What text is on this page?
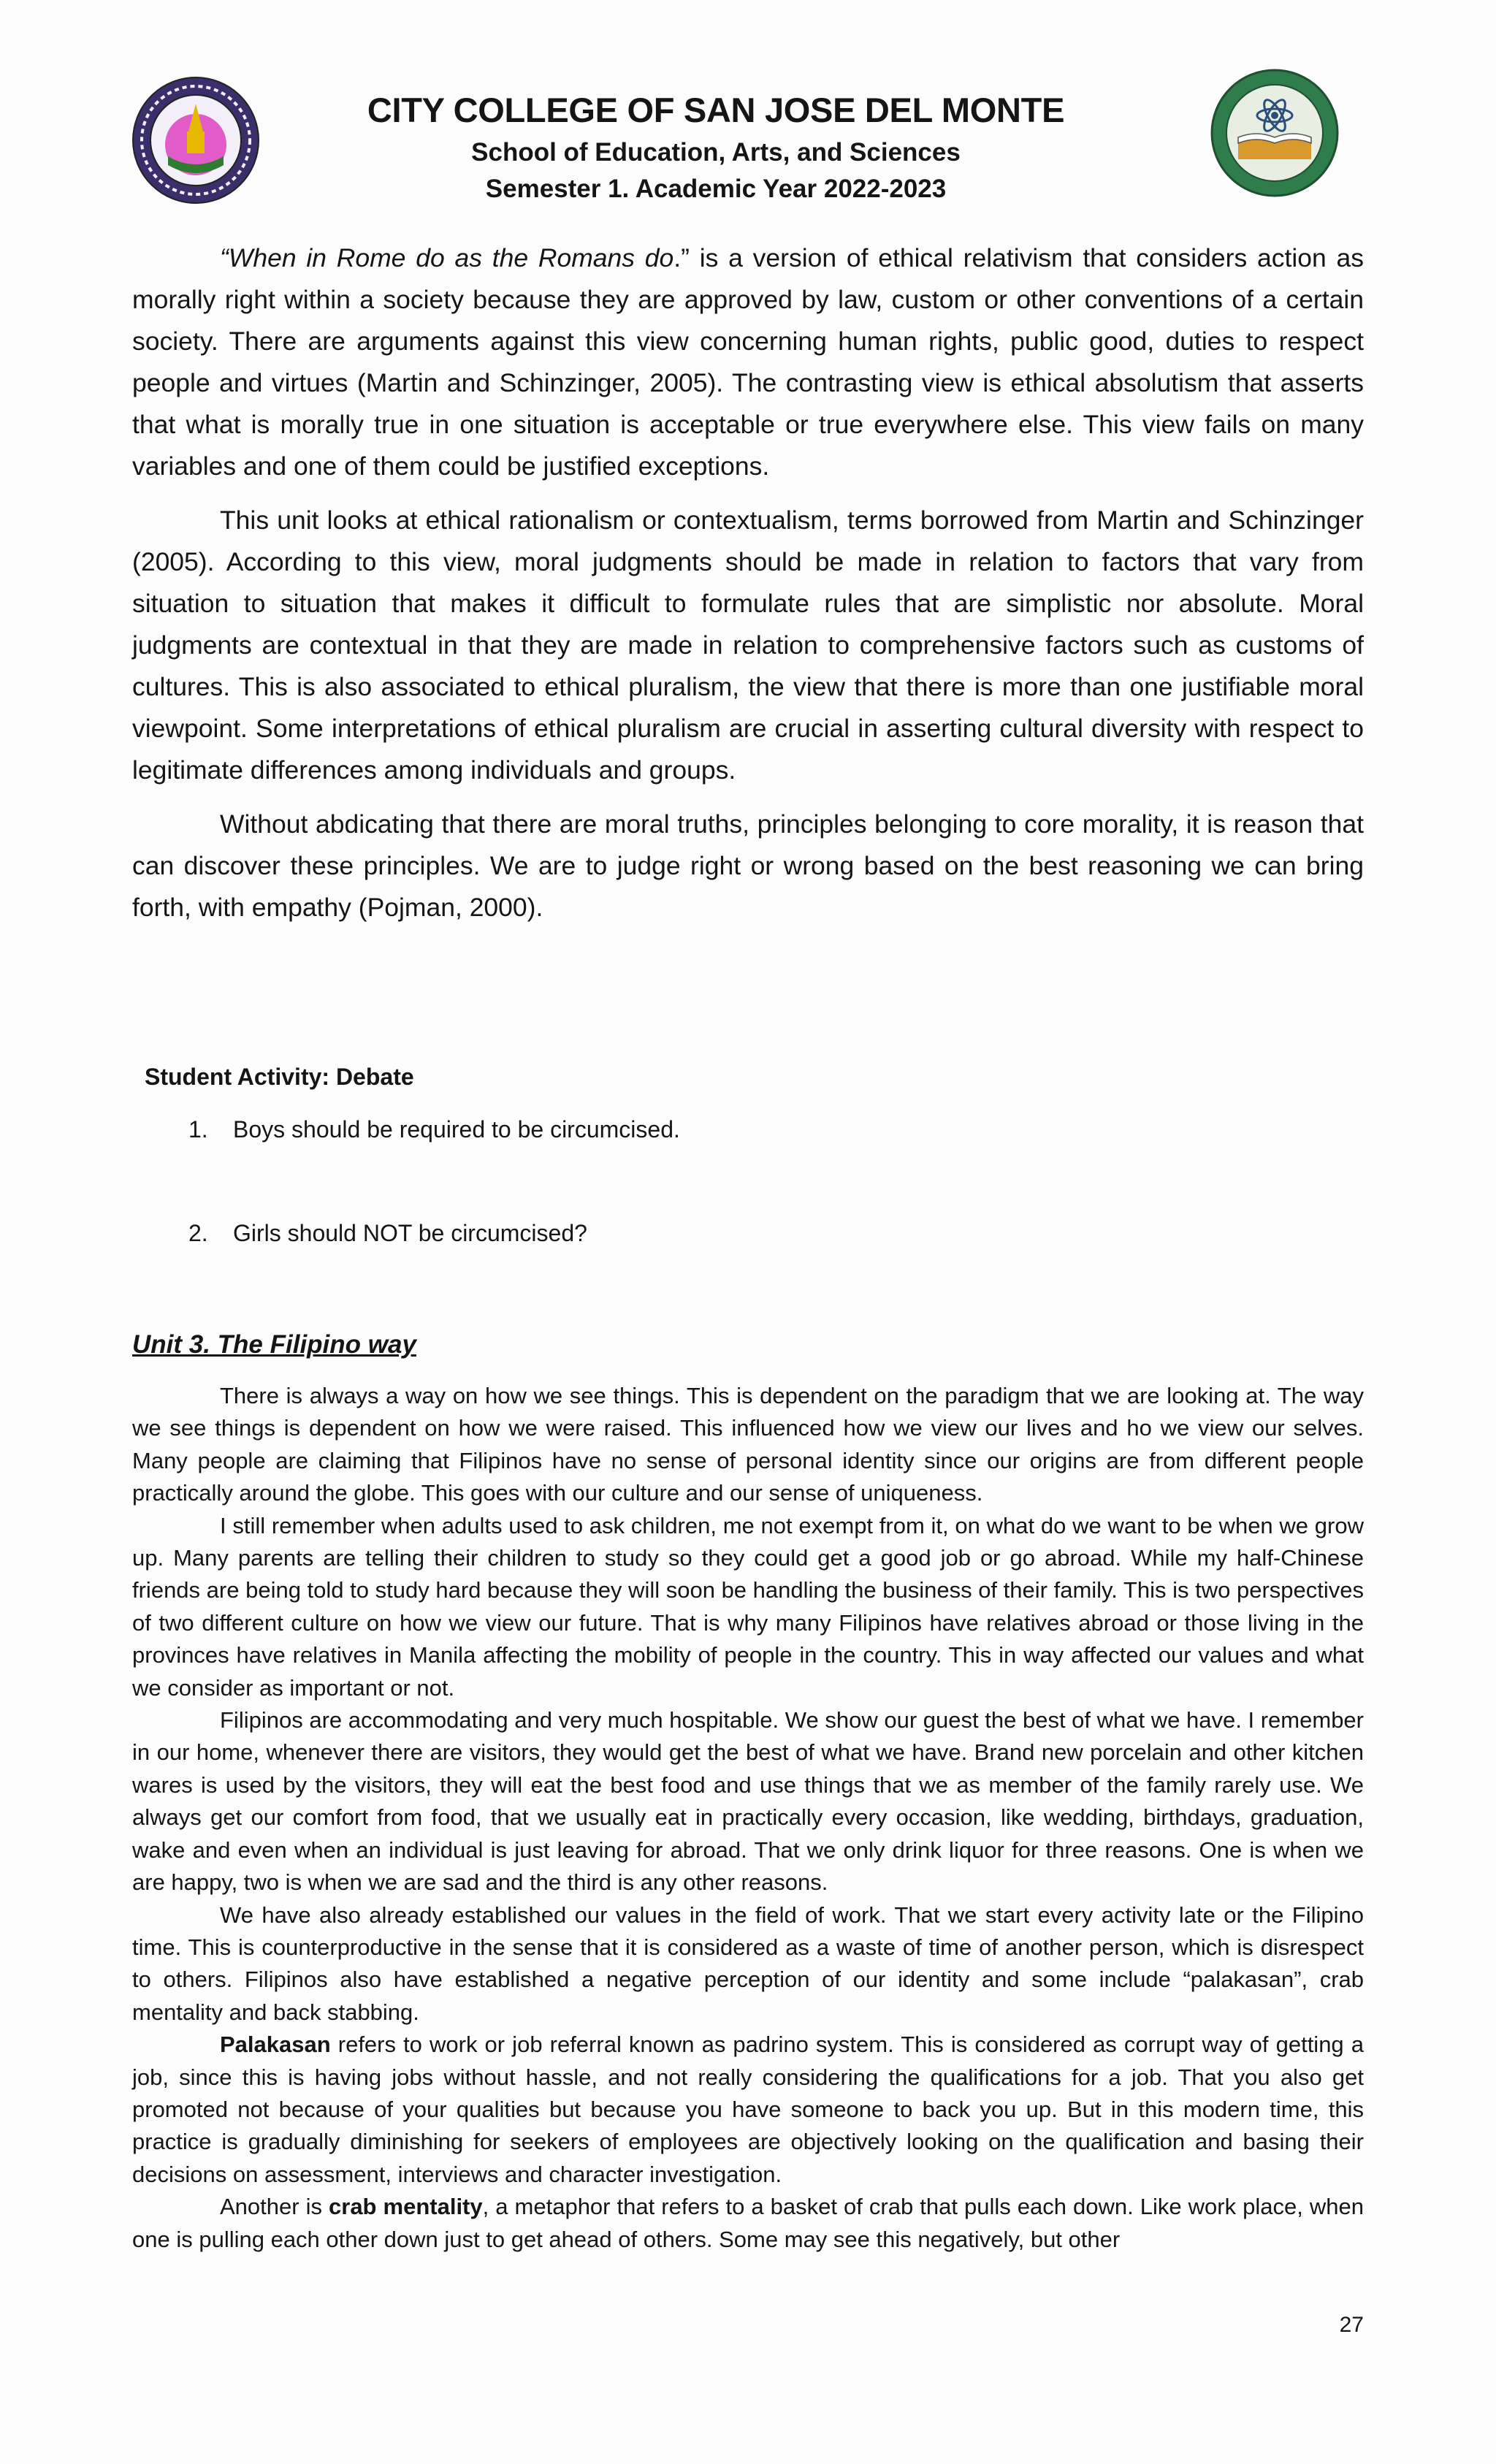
CITY COLLEGE OF SAN JOSE DEL MONTE
School of Education, Arts, and Sciences
Semester 1. Academic Year 2022-2023

“When in Rome do as the Romans do.” is a version of ethical relativism that considers action as morally right within a society because they are approved by law, custom or other conventions of a certain society. There are arguments against this view concerning human rights, public good, duties to respect people and virtues (Martin and Schinzinger, 2005). The contrasting view is ethical absolutism that asserts that what is morally true in one situation is acceptable or true everywhere else. This view fails on many variables and one of them could be justified exceptions.

This unit looks at ethical rationalism or contextualism, terms borrowed from Martin and Schinzinger (2005). According to this view, moral judgments should be made in relation to factors that vary from situation to situation that makes it difficult to formulate rules that are simplistic nor absolute. Moral judgments are contextual in that they are made in relation to comprehensive factors such as customs of cultures. This is also associated to ethical pluralism, the view that there is more than one justifiable moral viewpoint. Some interpretations of ethical pluralism are crucial in asserting cultural diversity with respect to legitimate differences among individuals and groups.

Without abdicating that there are moral truths, principles belonging to core morality, it is reason that can discover these principles. We are to judge right or wrong based on the best reasoning we can bring forth, with empathy (Pojman, 2000).

Student Activity: Debate
1. Boys should be required to be circumcised.
2. Girls should NOT be circumcised?
Unit 3. The Filipino way

There is always a way on how we see things. This is dependent on the paradigm that we are looking at. The way we see things is dependent on how we were raised. This influenced how we view our lives and ho we view our selves. Many people are claiming that Filipinos have no sense of personal identity since our origins are from different people practically around the globe. This goes with our culture and our sense of uniqueness.

I still remember when adults used to ask children, me not exempt from it, on what do we want to be when we grow up. Many parents are telling their children to study so they could get a good job or go abroad. While my half-Chinese friends are being told to study hard because they will soon be handling the business of their family. This is two perspectives of two different culture on how we view our future. That is why many Filipinos have relatives abroad or those living in the provinces have relatives in Manila affecting the mobility of people in the country. This in way affected our values and what we consider as important or not.

Filipinos are accommodating and very much hospitable. We show our guest the best of what we have. I remember in our home, whenever there are visitors, they would get the best of what we have. Brand new porcelain and other kitchen wares is used by the visitors, they will eat the best food and use things that we as member of the family rarely use. We always get our comfort from food, that we usually eat in practically every occasion, like wedding, birthdays, graduation, wake and even when an individual is just leaving for abroad. That we only drink liquor for three reasons. One is when we are happy, two is when we are sad and the third is any other reasons.

We have also already established our values in the field of work. That we start every activity late or the Filipino time. This is counterproductive in the sense that it is considered as a waste of time of another person, which is disrespect to others. Filipinos also have established a negative perception of our identity and some include “palakasan”, crab mentality and back stabbing.

Palakasan refers to work or job referral known as padrino system. This is considered as corrupt way of getting a job, since this is having jobs without hassle, and not really considering the qualifications for a job. That you also get promoted not because of your qualities but because you have someone to back you up. But in this modern time, this practice is gradually diminishing for seekers of employees are objectively looking on the qualification and basing their decisions on assessment, interviews and character investigation.

Another is crab mentality, a metaphor that refers to a basket of crab that pulls each down. Like work place, when one is pulling each other down just to get ahead of others. Some may see this negatively, but other

27
